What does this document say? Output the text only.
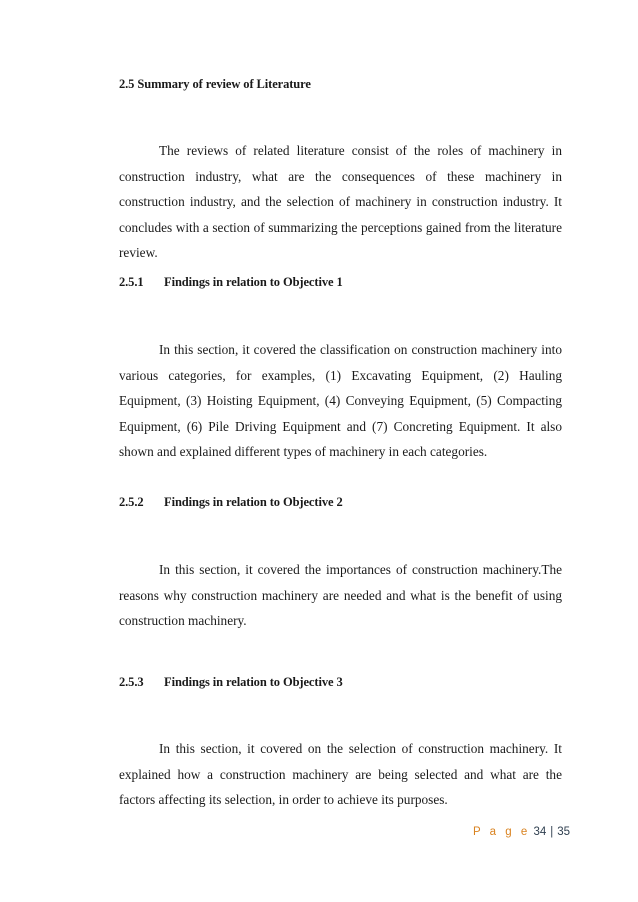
2.5 Summary of review of Literature

The reviews of related literature consist of the roles of machinery in construction industry, what are the consequences of these machinery in construction industry, and the selection of machinery in construction industry. It concludes with a section of summarizing the perceptions gained from the literature review.

2.5.1 Findings in relation to Objective 1

In this section, it covered the classification on construction machinery into various categories, for examples, (1) Excavating Equipment, (2) Hauling Equipment, (3) Hoisting Equipment, (4) Conveying Equipment, (5) Compacting Equipment, (6) Pile Driving Equipment and (7) Concreting Equipment. It also shown and explained different types of machinery in each categories.

2.5.2 Findings in relation to Objective 2

In this section, it covered the importances of construction machinery.The reasons why construction machinery are needed and what is the benefit of using construction machinery.

2.5.3 Findings in relation to Objective 3

In this section, it covered on the selection of construction machinery. It explained how a construction machinery are being selected and what are the factors affecting its selection, in order to achieve its purposes.

P a g e 34 | 35
